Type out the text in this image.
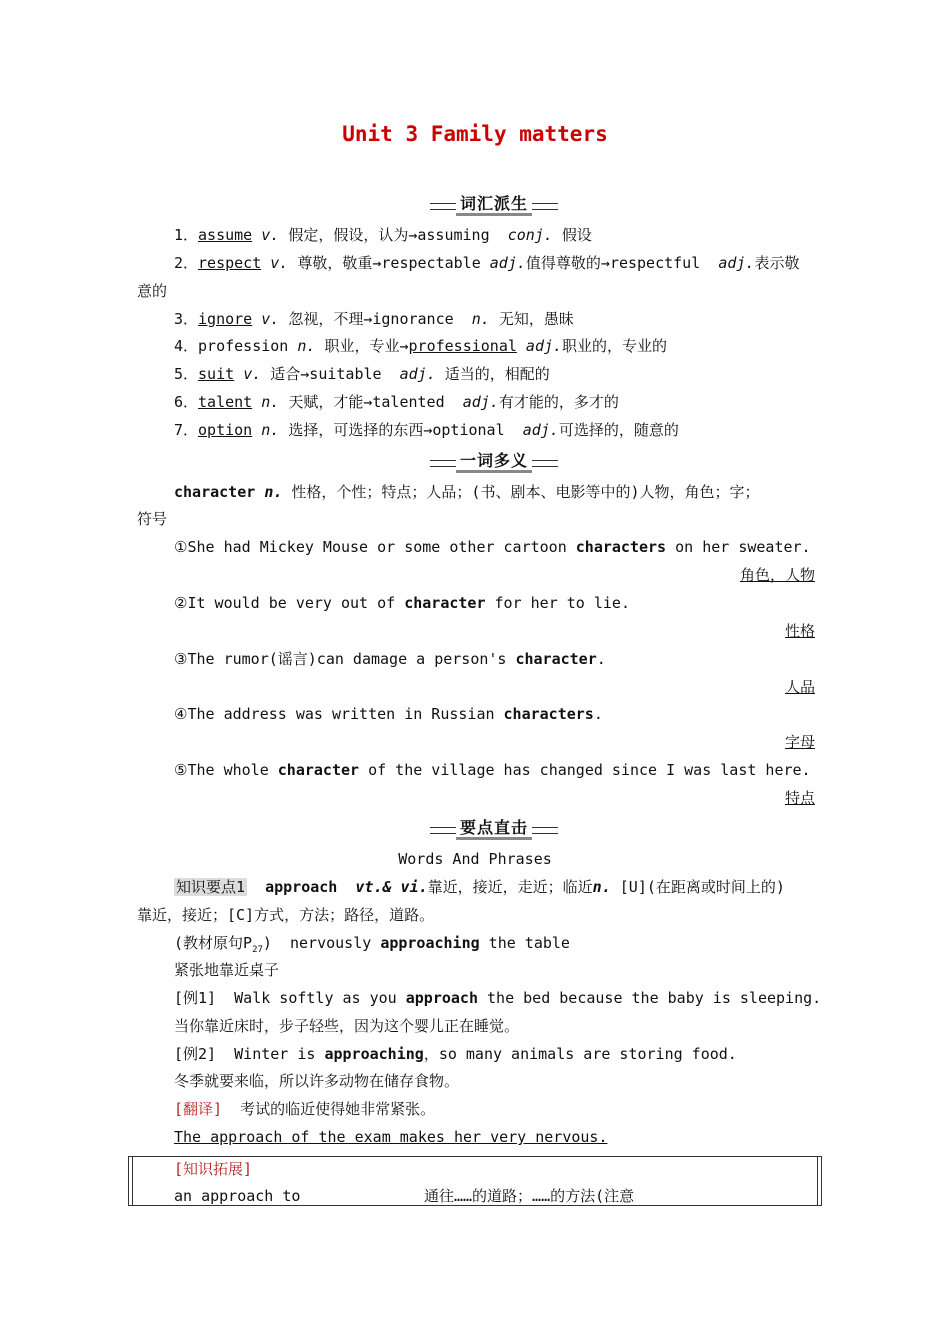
Unit 3 Family matters
词汇派生
1．assume v. 假定，假设，认为→assuming conj. 假设
2．respect v. 尊敬，敬重→respectable adj.值得尊敬的→respectful adj.表示敬
意的
3．ignore v. 忽视，不理→ignorance n. 无知，愚昧
4．profession n. 职业，专业→professional adj.职业的，专业的
5．suit v. 适合→suitable adj. 适当的，相配的
6．talent n. 天赋，才能→talented adj.有才能的，多才的
7．option n. 选择，可选择的东西→optional adj.可选择的，随意的
一词多义
character n. 性格，个性；特点；人品；(书、剧本、电影等中的)人物，角色；字；
符号
①She had Mickey Mouse or some other cartoon characters on her sweater.
角色，人物
②It would be very out of character for her to lie.
性格
③The rumor(谣言)can damage a person's character.
人品
④The address was written in Russian characters.
字母
⑤The whole character of the village has changed since I was last here.
特点
要点直击
Words And Phrases
知识要点1 approach vt.& vi.靠近，接近，走近；临近n. [U](在距离或时间上的)
靠近，接近；[C]方式，方法；路径，道路。
(教材原句$P_{27}$) nervously approaching the table
紧张地靠近桌子
[例1] Walk softly as you approach the bed because the baby is sleeping.
当你靠近床时，步子轻些，因为这个婴儿正在睡觉。
[例2] Winter is approaching，so many animals are storing food.
冬季就要来临，所以许多动物在储存食物。
[翻译] 考试的临近使得她非常紧张。
The approach of the exam makes her very nervous.
[知识拓展]
an approach to	通往……的道路；……的方法(注意
